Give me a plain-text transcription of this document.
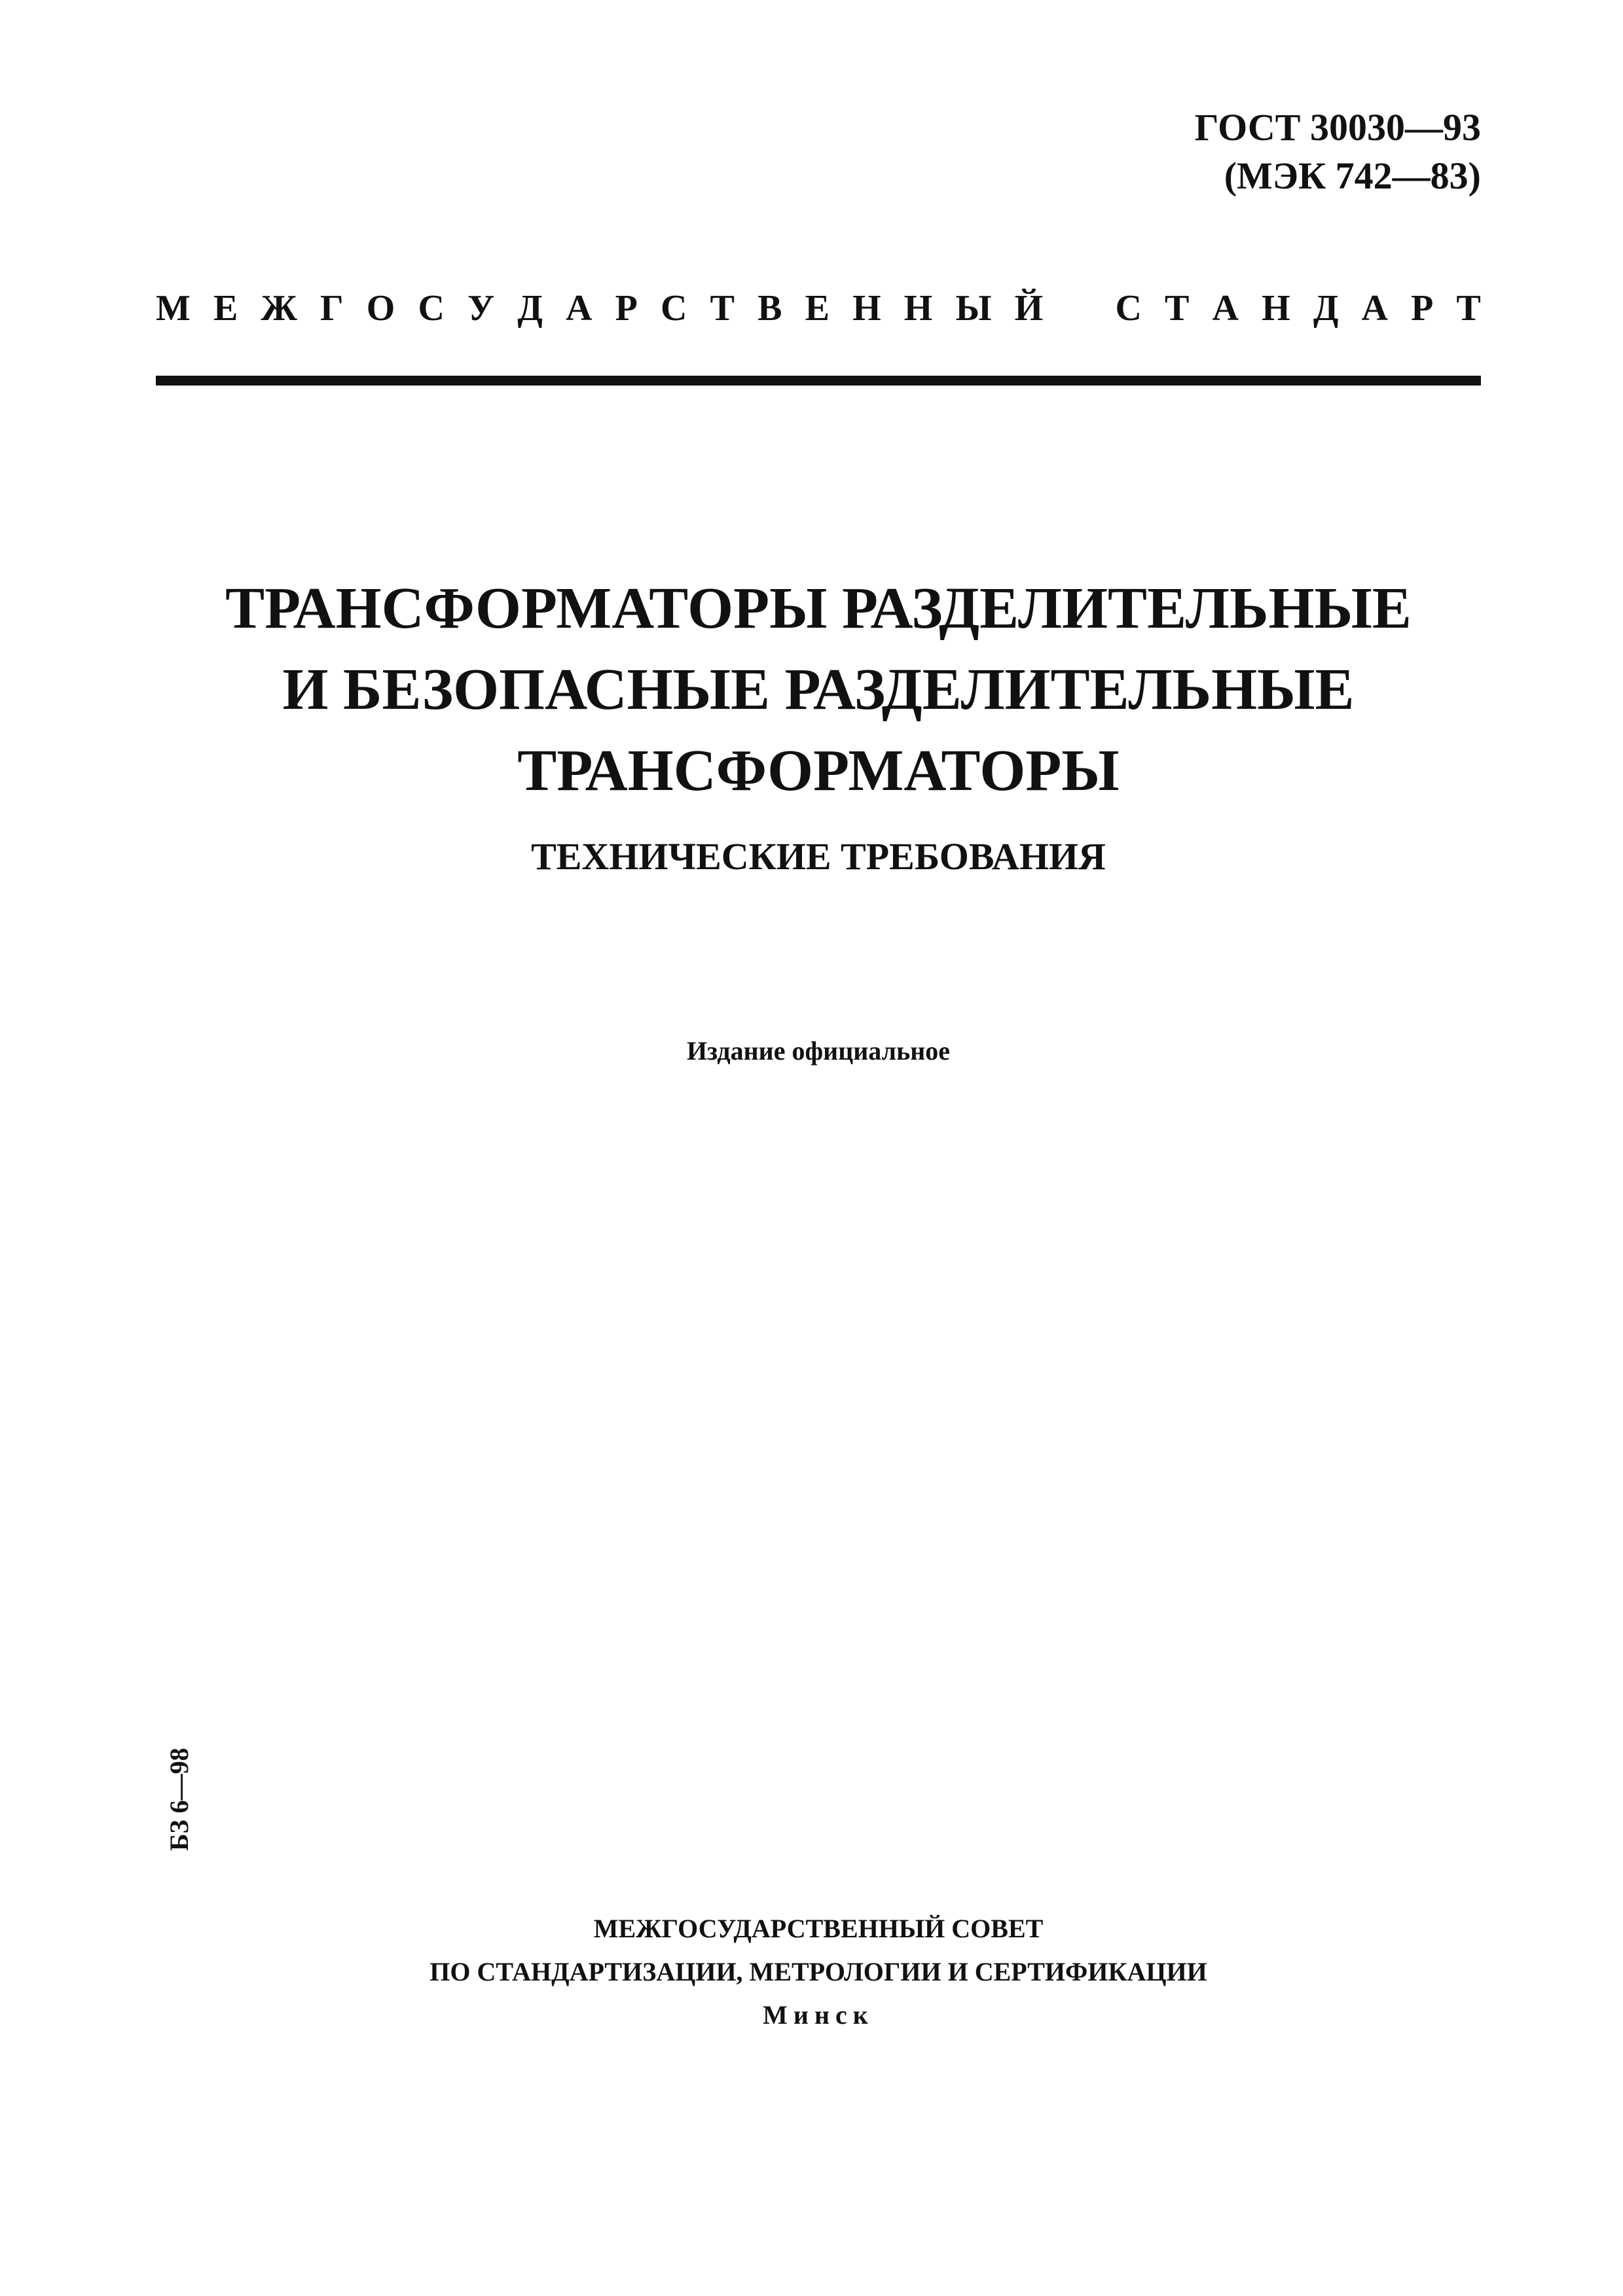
ГОСТ 30030—93
(МЭК 742—83)
М Е Ж Г О С У Д А Р С Т В Е Н Н Ы Й С Т А Н Д А Р Т
ТРАНСФОРМАТОРЫ РАЗДЕЛИТЕЛЬНЫЕ
И БЕЗОПАСНЫЕ РАЗДЕЛИТЕЛЬНЫЕ
ТРАНСФОРМАТОРЫ
ТЕХНИЧЕСКИЕ ТРЕБОВАНИЯ
Издание официальное
БЗ 6—98
МЕЖГОСУДАРСТВЕННЫЙ СОВЕТ
ПО СТАНДАРТИЗАЦИИ, МЕТРОЛОГИИ И СЕРТИФИКАЦИИ
Минск
